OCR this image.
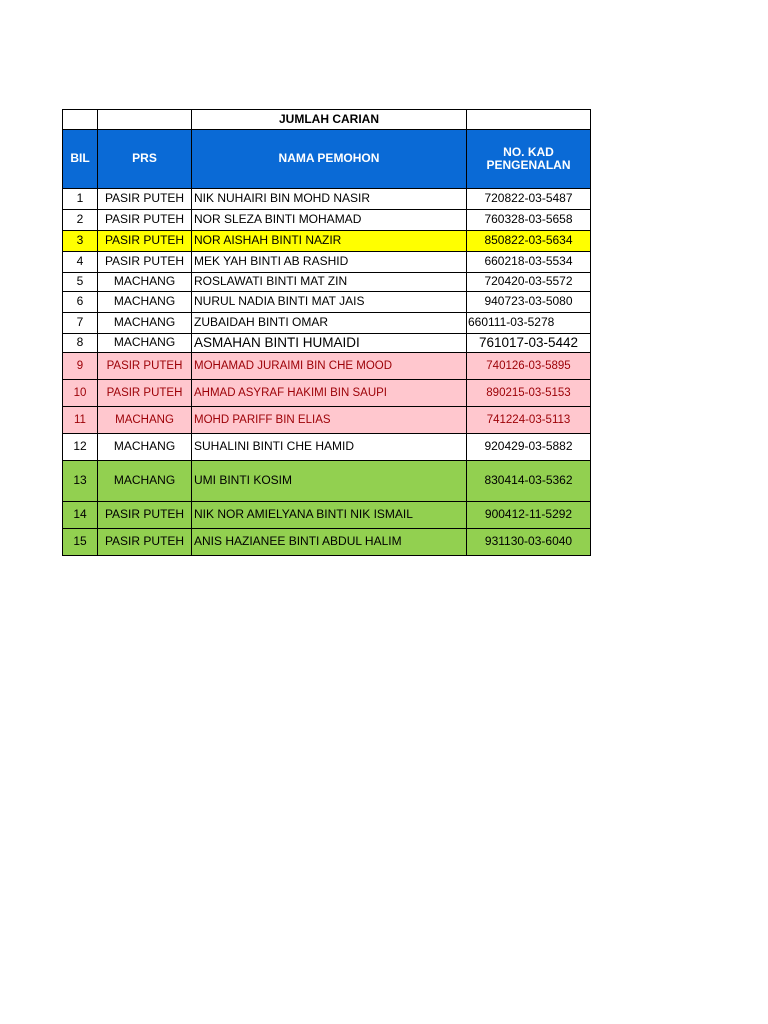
		JUMLAH CARIAN	
BIL	PRS	NAMA PEMOHON	NO. KAD PENGENALAN
1	PASIR PUTEH	NIK NUHAIRI BIN MOHD NASIR	720822-03-5487
2	PASIR PUTEH	NOR SLEZA BINTI MOHAMAD	760328-03-5658
3	PASIR PUTEH	NOR AISHAH BINTI NAZIR	850822-03-5634
4	PASIR PUTEH	MEK YAH BINTI AB RASHID	660218-03-5534
5	MACHANG	ROSLAWATI BINTI MAT ZIN	720420-03-5572
6	MACHANG	NURUL NADIA BINTI MAT JAIS	940723-03-5080
7	MACHANG	ZUBAIDAH BINTI OMAR	660111-03-5278
8	MACHANG	ASMAHAN BINTI HUMAIDI	761017-03-5442
9	PASIR PUTEH	MOHAMAD JURAIMI BIN CHE MOOD	740126-03-5895
10	PASIR PUTEH	AHMAD ASYRAF HAKIMI BIN SAUPI	890215-03-5153
11	MACHANG	MOHD PARIFF BIN ELIAS	741224-03-5113
12	MACHANG	SUHALINI BINTI CHE HAMID	920429-03-5882
13	MACHANG	UMI BINTI KOSIM	830414-03-5362
14	PASIR PUTEH	NIK NOR AMIELYANA BINTI NIK ISMAIL	900412-11-5292
15	PASIR PUTEH	ANIS HAZIANEE BINTI ABDUL HALIM	931130-03-6040
